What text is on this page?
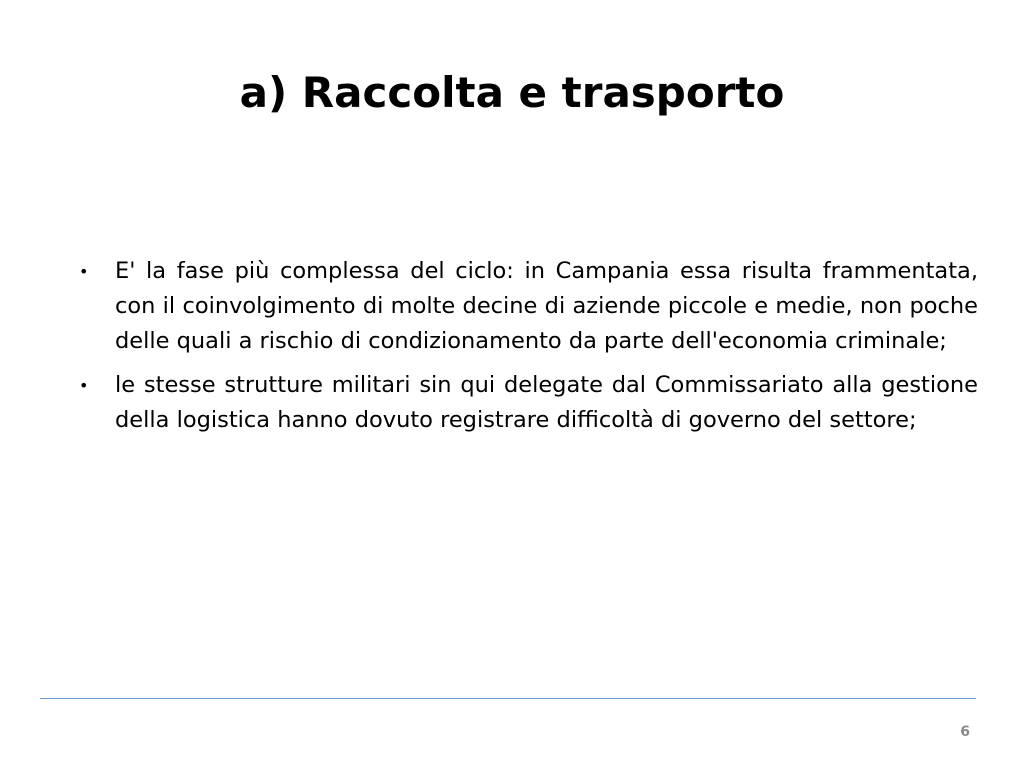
a) Raccolta e trasporto
• E' la fase più complessa del ciclo: in Campania essa risulta frammentata, con il coinvolgimento di molte decine di aziende piccole e medie, non poche delle quali a rischio di condizionamento da parte dell'economia criminale;
• le stesse strutture militari sin qui delegate dal Commissariato alla gestione della logistica hanno dovuto registrare difficoltà di governo del settore;
6
